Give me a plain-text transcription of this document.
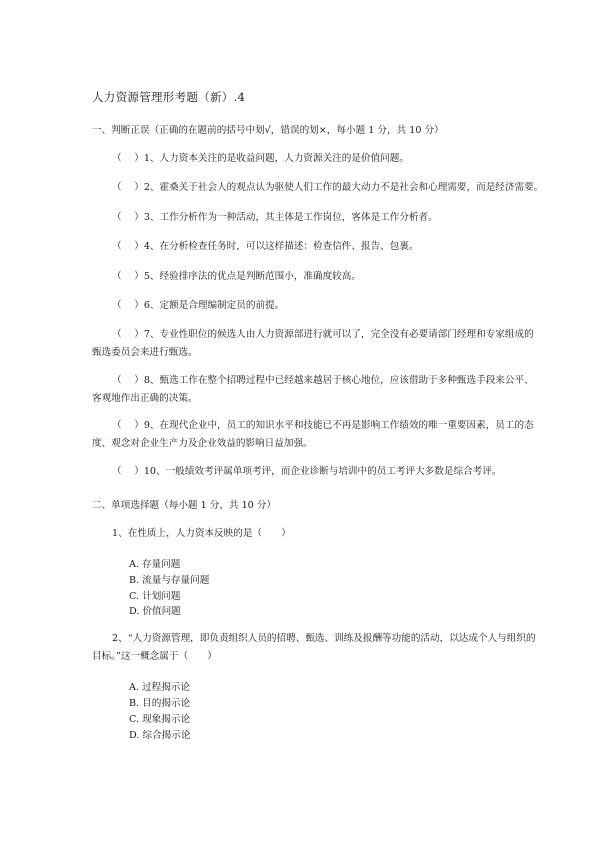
人力资源管理形考题（新）.4
一、判断正误（正确的在题前的括号中划√，错误的划×，每小题 1 分，共 10 分）
（　 ）1、人力资本关注的是收益问题，人力资源关注的是价值问题。
（　 ）2、霍桑关于社会人的观点认为驱使人们工作的最大动力不是社会和心理需要，而是经济需要。
（　 ）3、工作分析作为一种活动，其主体是工作岗位，客体是工作分析者。
（　 ）4、在分析检查任务时，可以这样描述：检查信件、报告、包裹。
（　 ）5、经验排序法的优点是判断范围小，准确度较高。
（　 ）6、定额是合理编制定员的前提。
（　 ）7、专业性职位的候选人由人力资源部进行就可以了，完全没有必要请部门经理和专家组成的
甄选委员会来进行甄选。
（　 ）8、甄选工作在整个招聘过程中已经越来越居于核心地位，应该借助于多种甄选手段来公平、
客观地作出正确的决策。
（　 ）9、在现代企业中，员工的知识水平和技能已不再是影响工作绩效的唯一重要因素，员工的态
度、观念对企业生产力及企业效益的影响日益加强。
（　 ）10、一般绩效考评属单项考评，而企业诊断与培训中的员工考评大多数是综合考评。
二、单项选择题（每小题 1 分，共 10 分）
1、在性质上，人力资本反映的是（　　）
A. 存量问题
B. 流量与存量问题
C. 计划问题
D. 价值问题
2、“人力资源管理，即负责组织人员的招聘、甄选、训练及报酬等功能的活动，以达成个人与组织的
目标。”这一概念属于（　　）
A. 过程揭示论
B. 目的揭示论
C. 现象揭示论
D. 综合揭示论
